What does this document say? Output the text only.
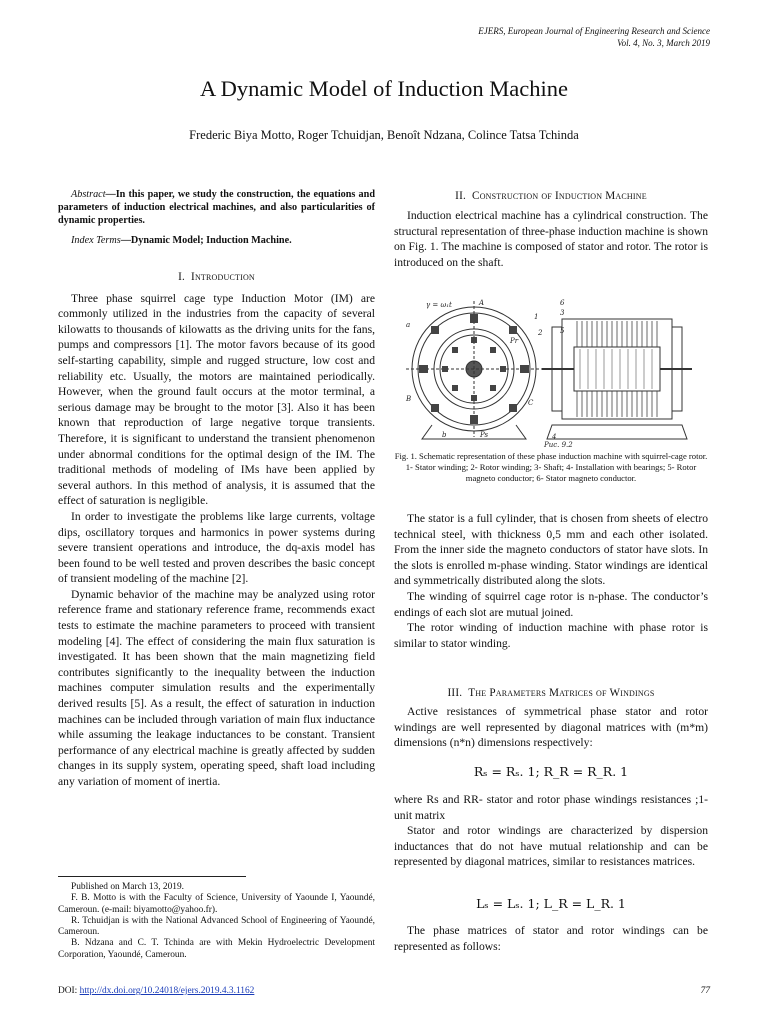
EJERS, European Journal of Engineering Research and Science
Vol. 4, No. 3, March 2019
A Dynamic Model of Induction Machine
Frederic Biya Motto, Roger Tchuidjan, Benoît Ndzana, Colince Tatsa Tchinda

Abstract—In this paper, we study the construction, the equations and parameters of induction electrical machines, and also particularities of dynamic properties.

Index Terms—Dynamic Model; Induction Machine.

I. Introduction

Three phase squirrel cage type Induction Motor (IM) are commonly utilized in the industries from the capacity of several kilowatts to thousands of kilowatts as the driving units for the fans, pumps and compressors [1]. The motor favors because of its good self-starting capability, simple and rugged structure, low cost and reliability etc. Usually, the motors are maintained periodically. However, when the ground fault occurs at the motor terminal, a serious damage may be brought to the motor [3]. Also it has been known that reproduction of large negative torque transients. Therefore, it is significant to understand the transient phenomenon under abnormal conditions for the optimal design of the IM. The traditional methods of modeling of IMs have been applied by several authors. In this method of analysis, it is assumed that the effect of saturation is negligible.

In order to investigate the problems like large currents, voltage dips, oscillatory torques and harmonics in power systems during severe transient operations and introduce, the dq-axis model has been found to be well tested and proven describes the basic concept of transient modeling of the machine [2].

Dynamic behavior of the machine may be analyzed using rotor reference frame and stationary reference frame, recommends exact tests to estimate the machine parameters to proceed with transient modeling [4]. The effect of considering the main flux saturation is investigated. It has been shown that the main magnetizing field contributes significantly to the inequality between the induction machines computer simulation results and the experimentally derived results [5]. As a result, the effect of saturation in induction machines can be included through variation of main flux inductance while assuming the leakage inductances to be constant. Transient performance of any electrical machine is greatly affected by sudden changes in its supply system, operating speed, shaft load including any variation of moment of inertia.

Published on March 13, 2019.

F. B. Motto is with the Faculty of Science, University of Yaounde I, Yaoundé, Cameroun. (e-mail: biyamotto@yahoo.fr).

R. Tchuidjan is with the National Advanced School of Engineering of Yaoundé, Cameroun.

B. Ndzana and C. T. Tchinda are with Mekin Hydroelectric Development Corporation, Yaoundé, Cameroun.

II. Construction of Induction Machine

Induction electrical machine has a cylindrical construction. The structural representation of three-phase induction machine is shown on Fig. 1. The machine is composed of stator and rotor. The rotor is introduced on the shaft.

γ = ω₁t	A
a
1
2
3
4
5
6
B
b
C
Ps
Pr
Рис. 9.2
Fig. 1. Schematic representation of these phase induction machine with squirrel-cage rotor. 1- Stator winding; 2- Rotor winding; 3- Shaft; 4- Installation with bearings; 5- Rotor magneto conductor; 6- Stator magneto conductor.

The stator is a full cylinder, that is chosen from sheets of electro technical steel, with thickness 0,5 mm and each other isolated. From the inner side the magneto conductors of stator have slots. In the slots is enrolled m-phase winding. Stator windings are identical and symmetrically distributed along the slots.

The winding of squirrel cage rotor is n-phase. The conductor’s endings of each slot are mutual joined.

The rotor winding of induction machine with phase rotor is similar to stator winding.

III. The Parameters Matrices of Windings

Active resistances of symmetrical phase stator and rotor windings are well represented by diagonal matrices with (m*m) dimensions (n*n) dimensions respectively:

Rₛ = Rₛ. 1; R_R = R_R. 1

where Rs and RR- stator and rotor phase windings resistances ;1-unit matrix

Stator and rotor windings are characterized by dispersion inductances that do not have mutual relationship and can be represented by diagonal matrices, similar to resistances matrices.

Lₛ = Lₛ. 1; L_R = L_R. 1

The phase matrices of stator and rotor windings can be represented as follows:

DOI: http://dx.doi.org/10.24018/ejers.2019.4.3.1162	77
